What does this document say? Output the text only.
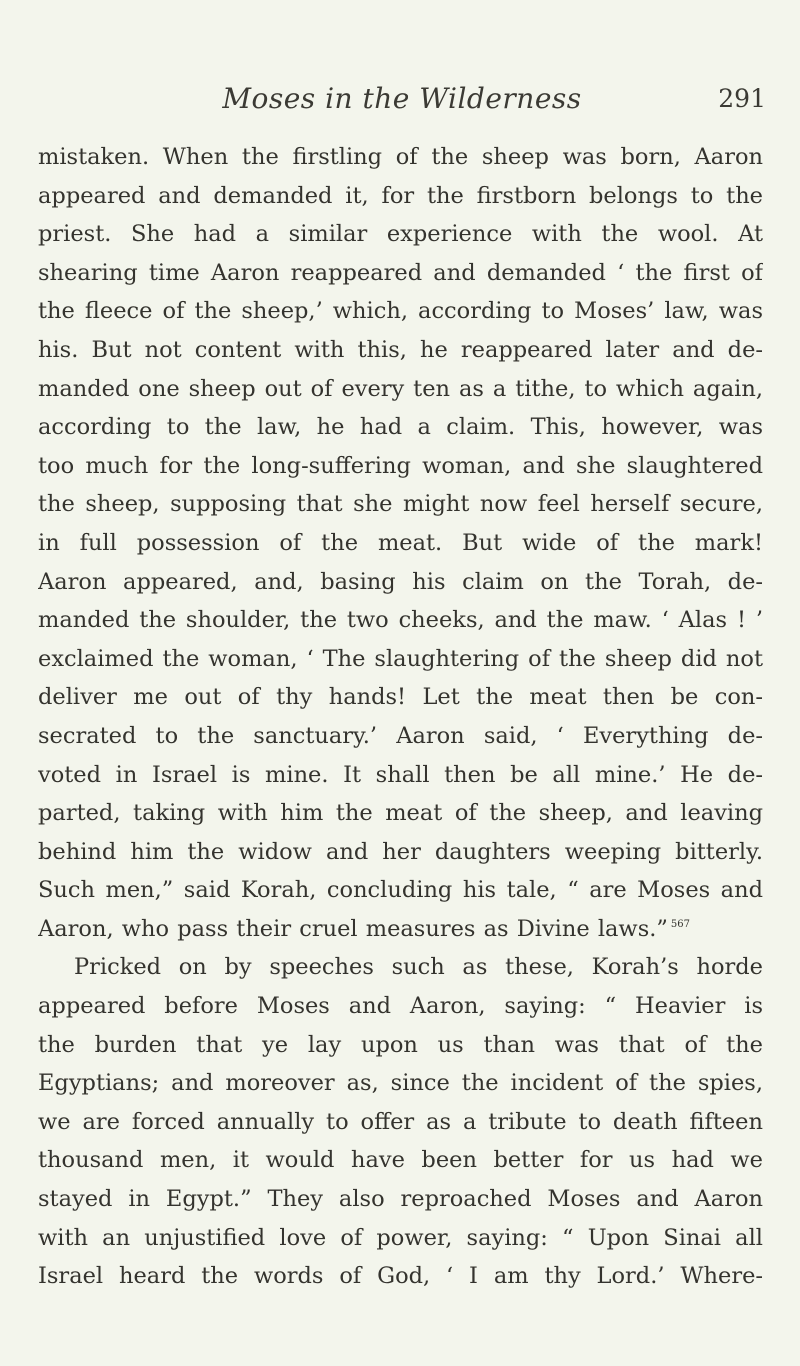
Moses in the Wilderness	291
mistaken. When the firstling of the sheep was born, Aaron
appeared and demanded it, for the firstborn belongs to the
priest. She had a similar experience with the wool. At
shearing time Aaron reappeared and demanded ‘ the first of
the fleece of the sheep,’ which, according to Moses’ law, was
his. But not content with this, he reappeared later and de-
manded one sheep out of every ten as a tithe, to which again,
according to the law, he had a claim. This, however, was
too much for the long-suffering woman, and she slaughtered
the sheep, supposing that she might now feel herself secure,
in full possession of the meat. But wide of the mark!
Aaron appeared, and, basing his claim on the Torah, de-
manded the shoulder, the two cheeks, and the maw. ‘ Alas ! ’
exclaimed the woman, ‘ The slaughtering of the sheep did not
deliver me out of thy hands! Let the meat then be con-
secrated to the sanctuary.’ Aaron said, ‘ Everything de-
voted in Israel is mine. It shall then be all mine.’ He de-
parted, taking with him the meat of the sheep, and leaving
behind him the widow and her daughters weeping bitterly.
Such men,” said Korah, concluding his tale, “ are Moses and
Aaron, who pass their cruel measures as Divine laws.” $^{567}$
Pricked on by speeches such as these, Korah’s horde
appeared before Moses and Aaron, saying: “ Heavier is
the burden that ye lay upon us than was that of the
Egyptians; and moreover as, since the incident of the spies,
we are forced annually to offer as a tribute to death fifteen
thousand men, it would have been better for us had we
stayed in Egypt.” They also reproached Moses and Aaron
with an unjustified love of power, saying: “ Upon Sinai all
Israel heard the words of God, ‘ I am thy Lord.’ Where-
